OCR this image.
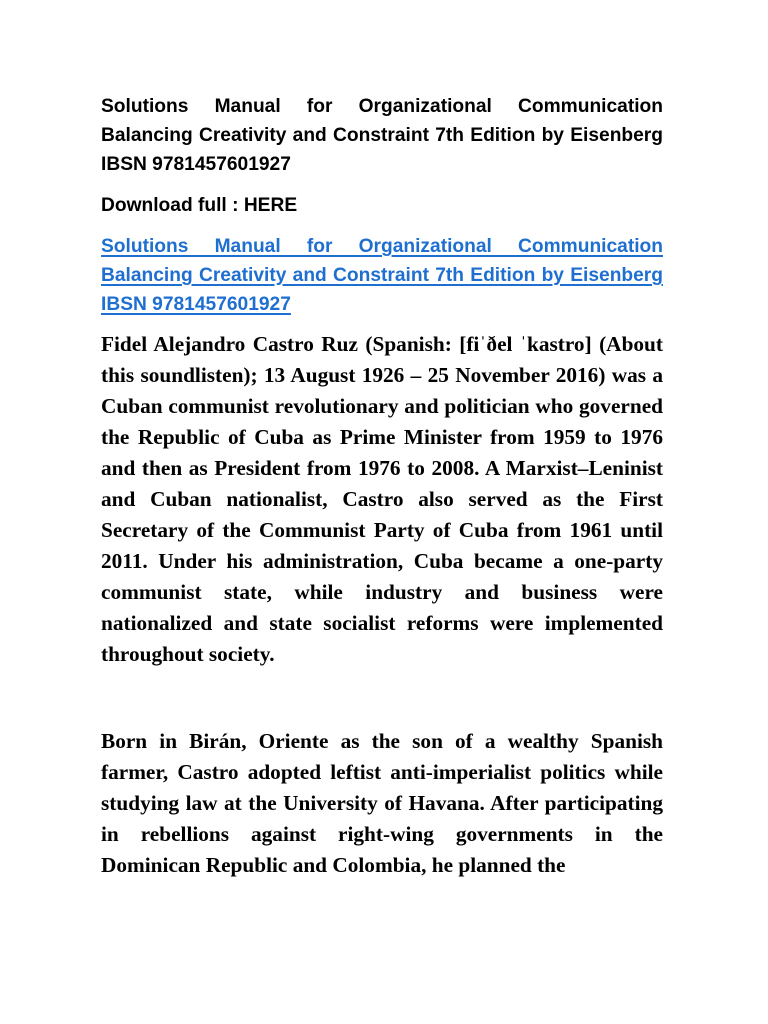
Solutions Manual for Organizational Communication Balancing Creativity and Constraint 7th Edition by Eisenberg IBSN 9781457601927

Download full : HERE

Solutions Manual for Organizational Communication Balancing Creativity and Constraint 7th Edition by Eisenberg IBSN 9781457601927

Fidel Alejandro Castro Ruz (Spanish: [fiˈðel ˈkastro] (About this soundlisten); 13 August 1926 – 25 November 2016) was a Cuban communist revolutionary and politician who governed the Republic of Cuba as Prime Minister from 1959 to 1976 and then as President from 1976 to 2008. A Marxist–Leninist and Cuban nationalist, Castro also served as the First Secretary of the Communist Party of Cuba from 1961 until 2011. Under his administration, Cuba became a one-party communist state, while industry and business were nationalized and state socialist reforms were implemented throughout society.

Born in Birán, Oriente as the son of a wealthy Spanish farmer, Castro adopted leftist anti-imperialist politics while studying law at the University of Havana. After participating in rebellions against right-wing governments in the Dominican Republic and Colombia, he planned the
